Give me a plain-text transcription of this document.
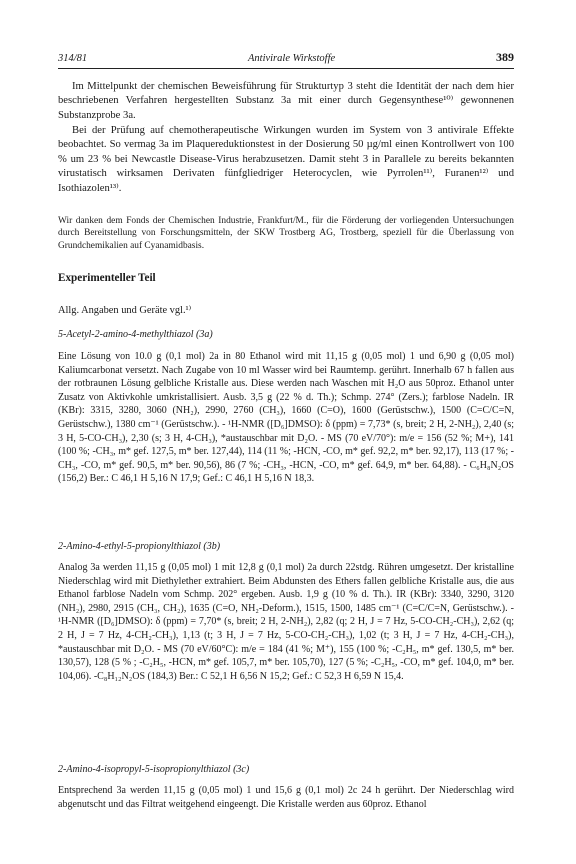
314/81	Antivirale Wirkstoffe	389

Im Mittelpunkt der chemischen Beweisführung für Strukturtyp 3 steht die Identität der nach dem hier beschriebenen Verfahren hergestellten Substanz 3a mit einer durch Gegensynthese¹⁰⁾ gewonnenen Substanzprobe 3a.

Bei der Prüfung auf chemotherapeutische Wirkungen wurden im System von 3 antivirale Effekte beobachtet. So vermag 3a im Plaquereduktionstest in der Dosierung 50 µg/ml einen Kontrollwert von 100 % um 23 % bei Newcastle Disease-Virus herabzusetzen. Damit steht 3 in Parallele zu bereits bekannten virustatisch wirksamen Derivaten fünfgliedriger Heterocyclen, wie Pyrrolen¹¹⁾, Furanen¹²⁾ und Isothiazolen¹³⁾.

Wir danken dem Fonds der Chemischen Industrie, Frankfurt/M., für die Förderung der vorliegenden Untersuchungen durch Bereitstellung von Forschungsmitteln, der SKW Trostberg AG, Trostberg, speziell für die Überlassung von Grundchemikalien auf Cyanamidbasis.

Experimenteller Teil

Allg. Angaben und Geräte vgl.¹⁾

5-Acetyl-2-amino-4-methylthiazol (3a)

Eine Lösung von 10.0 g (0,1 mol) 2a in 80 Ethanol wird mit 11,15 g (0,05 mol) 1 und 6,90 g (0,05 mol) Kaliumcarbonat versetzt. Nach Zugabe von 10 ml Wasser wird bei Raumtemp. gerührt. Innerhalb 67 h fallen aus der rotbraunen Lösung gelbliche Kristalle aus. Diese werden nach Waschen mit H₂O aus 50proz. Ethanol unter Zusatz von Aktivkohle umkristallisiert. Ausb. 3,5 g (22 % d. Th.); Schmp. 274° (Zers.); farblose Nadeln. IR (KBr): 3315, 3280, 3060 (NH₂), 2990, 2760 (CH₃), 1660 (C=O), 1600 (Gerüstschw.), 1500 (C=C/C=N, Gerüstschw.), 1380 cm⁻¹ (Gerüstschw.). - ¹H-NMR ([D₆]DMSO): δ (ppm) = 7,73* (s, breit; 2 H, 2-NH₂), 2,40 (s; 3 H, 5-CO-CH₃), 2,30 (s; 3 H, 4-CH₃), *austauschbar mit D₂O. - MS (70 eV/70°): m/e = 156 (52 %; M+), 141 (100 %; -CH₃, m* gef. 127,5, m* ber. 127,44), 114 (11 %; -HCN, -CO, m* gef. 92,2, m* ber. 92,17), 113 (17 %; -CH₃, -CO, m* gef. 90,5, m* ber. 90,56), 86 (7 %; -CH₃, -HCN, -CO, m* gef. 64,9, m* ber. 64,88). - C₆H₈N₂OS (156,2) Ber.: C 46,1 H 5,16 N 17,9; Gef.: C 46,1 H 5,16 N 18,3.

2-Amino-4-ethyl-5-propionylthiazol (3b)

Analog 3a werden 11,15 g (0,05 mol) 1 mit 12,8 g (0,1 mol) 2a durch 22stdg. Rühren umgesetzt. Der kristalline Niederschlag wird mit Diethylether extrahiert. Beim Abdunsten des Ethers fallen gelbliche Kristalle aus, die aus Ethanol farblose Nadeln vom Schmp. 202° ergeben. Ausb. 1,9 g (10 % d. Th.). IR (KBr): 3340, 3290, 3120 (NH₂), 2980, 2915 (CH₃, CH₂), 1635 (C=O, NH₂-Deform.), 1515, 1500, 1485 cm⁻¹ (C=C/C=N, Gerüstschw.). - ¹H-NMR ([D₆]DMSO): δ (ppm) = 7,70* (s, breit; 2 H, 2-NH₂), 2,82 (q; 2 H, J = 7 Hz, 5-CO-CH₂-CH₃), 2,62 (q; 2 H, J = 7 Hz, 4-CH₂-CH₃), 1,13 (t; 3 H, J = 7 Hz, 5-CO-CH₂-CH₃), 1,02 (t; 3 H, J = 7 Hz, 4-CH₂-CH₃), *austauschbar mit D₂O. - MS (70 eV/60°C): m/e = 184 (41 %; M⁺), 155 (100 %; -C₂H₅, m* gef. 130,5, m* ber. 130,57), 128 (5 % ; -C₂H₅, -HCN, m* gef. 105,7, m* ber. 105,70), 127 (5 %; -C₂H₅, -CO, m* gef. 104,0, m* ber. 104,06). -C₈H₁₂N₂OS (184,3) Ber.: C 52,1 H 6,56 N 15,2; Gef.: C 52,3 H 6,59 N 15,4.

2-Amino-4-isopropyl-5-isopropionylthiazol (3c)

Entsprechend 3a werden 11,15 g (0,05 mol) 1 und 15,6 g (0,1 mol) 2c 24 h gerührt. Der Niederschlag wird abgenutscht und das Filtrat weitgehend eingeengt. Die Kristalle werden aus 60proz. Ethanol
